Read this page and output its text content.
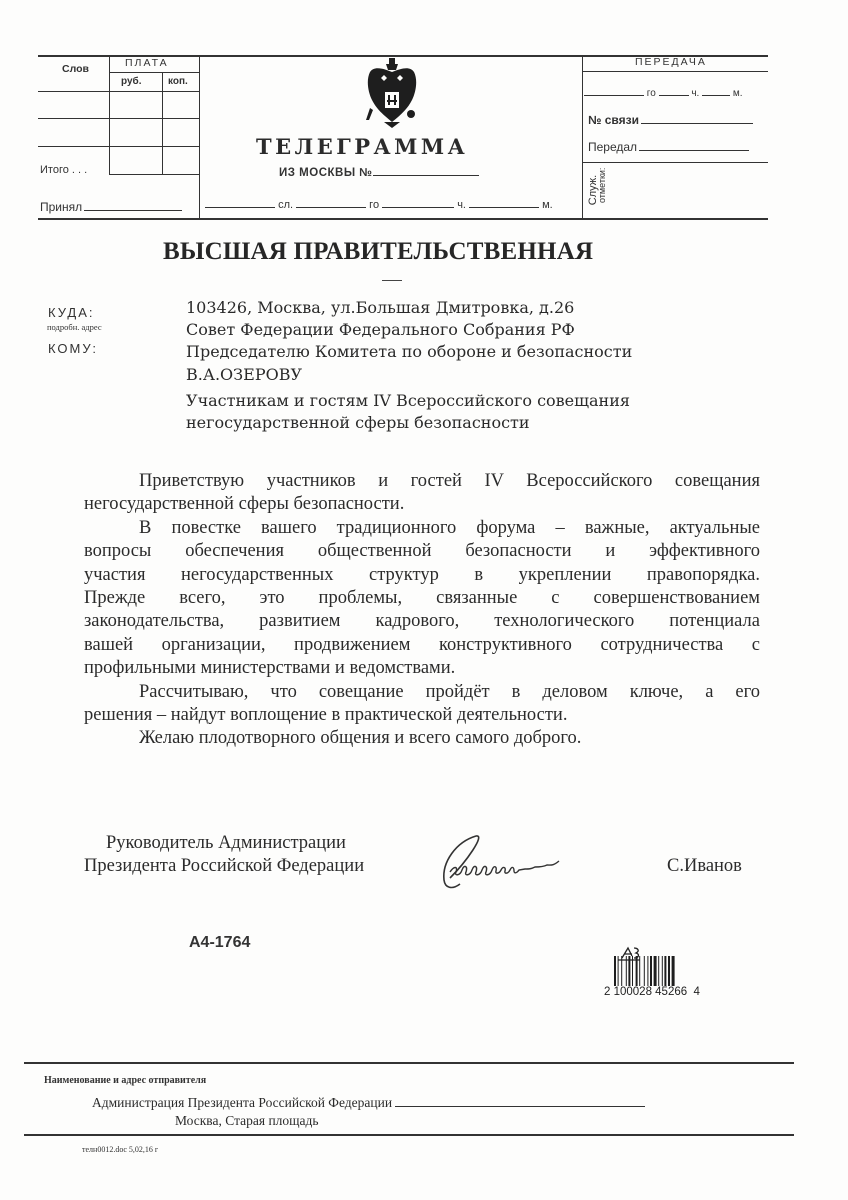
Слов	ПЛАТА
руб.	коп.
Итого . . .
Принял
ТЕЛЕГРАММА
ИЗ МОСКВЫ №
сл.	го	ч.	м.
ПЕРЕДАЧА
го	ч.	м.
№ связи
Передал
Служ.
отметки:
ВЫСШАЯ ПРАВИТЕЛЬСТВЕННАЯ
КУДА:
подробн. адрес
КОМУ:
103426, Москва, ул.Большая Дмитровка, д.26
Совет Федерации Федерального Собрания РФ
Председателю Комитета по обороне и безопасности
В.А.ОЗЕРОВУ
Участникам и гостям IV Всероссийского совещания
негосударственной сферы безопасности

Приветствую участников и гостей IV Всероссийского совещания

негосударственной сферы безопасности.

В повестке вашего традиционного форума – важные, актуальные

вопросы обеспечения общественной безопасности и эффективного

участия негосударственных структур в укреплении правопорядка.

Прежде всего, это проблемы, связанные с совершенствованием

законодательства, развитием кадрового, технологического потенциала

вашей организации, продвижением конструктивного сотрудничества с

профильными министерствами и ведомствами.

Рассчитываю, что совещание пройдёт в деловом ключе, а его

решения – найдут воплощение в практической деятельности.

Желаю плодотворного общения и всего самого доброго.

Руководитель Администрации
Президента Российской Федерации	С.Иванов
А4-1764
2 100028 45266  4
Наименование и адрес отправителя
Администрация Президента Российской Федерации
Москва, Старая площадь
телн0012.doc 5,02,16 г
